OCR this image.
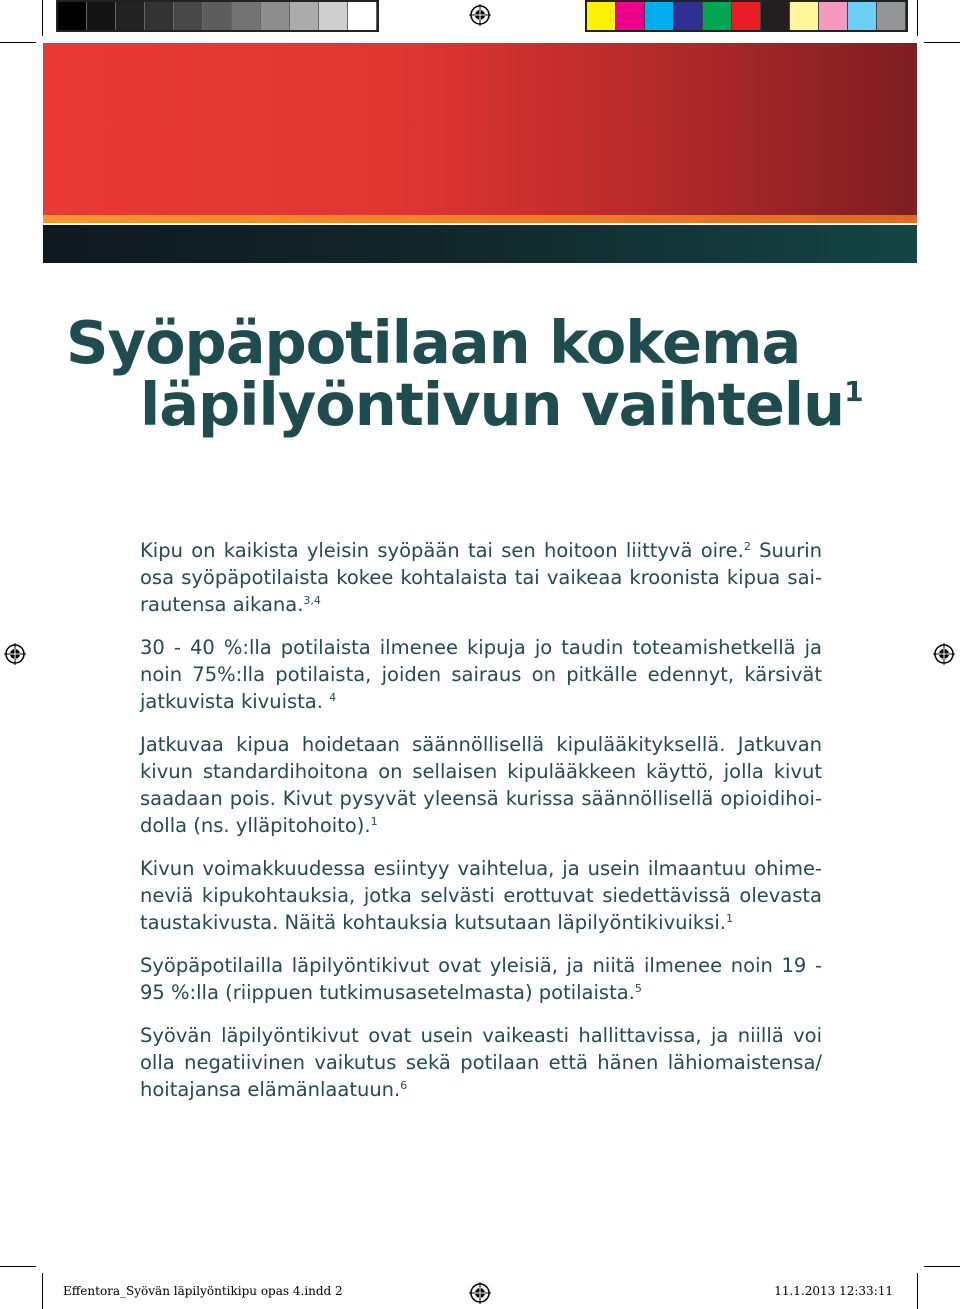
Syöpäpotilaan kokema
läpilyöntivun vaihtelu$^1$

Kipu on kaikista yleisin syöpään tai sen hoitoon liittyvä oire.$^2$ Suurin osa syöpäpotilaista kokee kohtalaista tai vaikeaa kroonista kipua sairautensa aikana.$^{3,4}$

30 - 40 %:lla potilaista ilmenee kipuja jo taudin toteamishetkellä ja noin 75%:lla potilaista, joiden sairaus on pitkälle edennyt, kärsivät jatkuvista kivuista. $^4$

Jatkuvaa kipua hoidetaan säännöllisellä kipulääkityksellä. Jatkuvan kivun standardihoitona on sellaisen kipulääkkeen käyttö, jolla kivut saadaan pois. Kivut pysyvät yleensä kurissa säännöllisellä opioidihoidolla (ns. ylläpitohoito).$^1$

Kivun voimakkuudessa esiintyy vaihtelua, ja usein ilmaantuu ohimeneviä kipukohtauksia, jotka selvästi erottuvat siedettävissä olevasta taustakivusta. Näitä kohtauksia kutsutaan läpilyöntikivuiksi.$^1$

Syöpäpotilailla läpilyöntikivut ovat yleisiä, ja niitä ilmenee noin 19 - 95 %:lla (riippuen tutkimusasetelmasta) potilaista.$^5$

Syövän läpilyöntikivut ovat usein vaikeasti hallittavissa, ja niillä voi olla negatiivinen vaikutus sekä potilaan että hänen lähiomaistensa/ hoitajansa elämänlaatuun.$^6$

Effentora_Syövän läpilyöntikipu opas 4.indd 2	11.1.2013 12:33:11
